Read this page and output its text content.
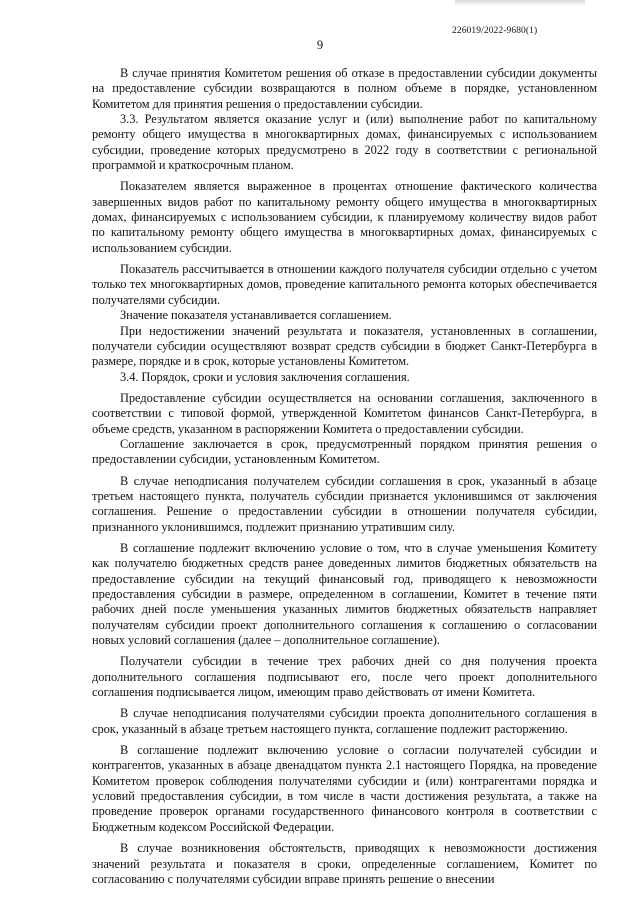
226019/2022-9680(1)
9

В случае принятия Комитетом решения об отказе в предоставлении субсидии документы на предоставление субсидии возвращаются в полном объеме в порядке, установленном Комитетом для принятия решения о предоставлении субсидии.

3.3. Результатом является оказание услуг и (или) выполнение работ по капитальному ремонту общего имущества в многоквартирных домах, финансируемых с использованием субсидии, проведение которых предусмотрено в 2022 году в соответствии с региональной программой и краткосрочным планом.

Показателем является выраженное в процентах отношение фактического количества завершенных видов работ по капитальному ремонту общего имущества в многоквартирных домах, финансируемых с использованием субсидии, к планируемому количеству видов работ по капитальному ремонту общего имущества в многоквартирных домах, финансируемых с использованием субсидии.

Показатель рассчитывается в отношении каждого получателя субсидии отдельно с учетом только тех многоквартирных домов, проведение капитального ремонта которых обеспечивается получателями субсидии.

Значение показателя устанавливается соглашением.

При недостижении значений результата и показателя, установленных в соглашении, получатели субсидии осуществляют возврат средств субсидии в бюджет Санкт-Петербурга в размере, порядке и в срок, которые установлены Комитетом.

3.4. Порядок, сроки и условия заключения соглашения.

Предоставление субсидии осуществляется на основании соглашения, заключенного в соответствии с типовой формой, утвержденной Комитетом финансов Санкт-Петербурга, в объеме средств, указанном в распоряжении Комитета о предоставлении субсидии.

Соглашение заключается в срок, предусмотренный порядком принятия решения о предоставлении субсидии, установленным Комитетом.

В случае неподписания получателем субсидии соглашения в срок, указанный в абзаце третьем настоящего пункта, получатель субсидии признается уклонившимся от заключения соглашения. Решение о предоставлении субсидии в отношении получателя субсидии, признанного уклонившимся, подлежит признанию утратившим силу.

В соглашение подлежит включению условие о том, что в случае уменьшения Комитету как получателю бюджетных средств ранее доведенных лимитов бюджетных обязательств на предоставление субсидии на текущий финансовый год, приводящего к невозможности предоставления субсидии в размере, определенном в соглашении, Комитет в течение пяти рабочих дней после уменьшения указанных лимитов бюджетных обязательств направляет получателям субсидии проект дополнительного соглашения к соглашению о согласовании новых условий соглашения (далее – дополнительное соглашение).

Получатели субсидии в течение трех рабочих дней со дня получения проекта дополнительного соглашения подписывают его, после чего проект дополнительного соглашения подписывается лицом, имеющим право действовать от имени Комитета.

В случае неподписания получателями субсидии проекта дополнительного соглашения в срок, указанный в абзаце третьем настоящего пункта, соглашение подлежит расторжению.

В соглашение подлежит включению условие о согласии получателей субсидии и контрагентов, указанных в абзаце двенадцатом пункта 2.1 настоящего Порядка, на проведение Комитетом проверок соблюдения получателями субсидии и (или) контрагентами порядка и условий предоставления субсидии, в том числе в части достижения результата, а также на проведение проверок органами государственного финансового контроля в соответствии с Бюджетным кодексом Российской Федерации.

В случае возникновения обстоятельств, приводящих к невозможности достижения значений результата и показателя в сроки, определенные соглашением, Комитет по согласованию с получателями субсидии вправе принять решение о внесении
